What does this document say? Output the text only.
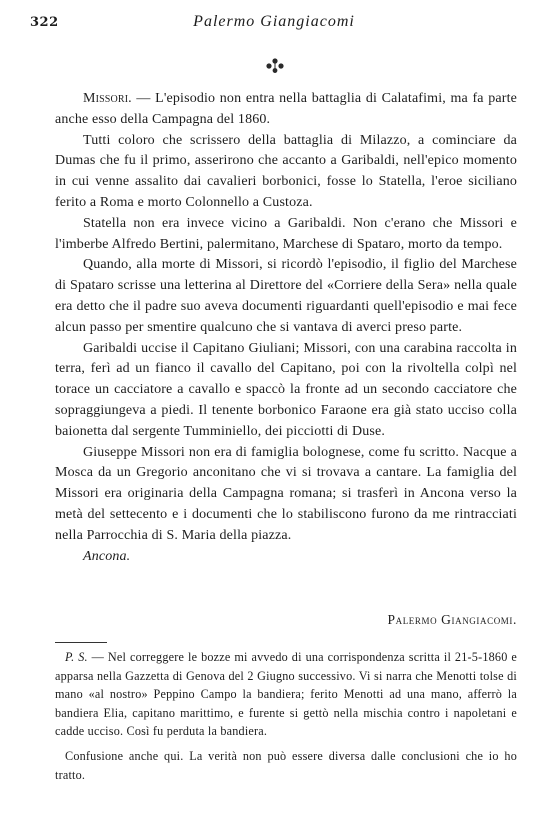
322	Palermo Giangiacomi

Missori. — L'episodio non entra nella battaglia di Calatafimi, ma fa parte anche esso della Campagna del 1860.

Tutti coloro che scrissero della battaglia di Milazzo, a cominciare da Dumas che fu il primo, asserirono che accanto a Garibaldi, nell'epico momento in cui venne assalito dai cavalieri borbonici, fosse lo Statella, l'eroe siciliano ferito a Roma e morto Colonnello a Custoza.

Statella non era invece vicino a Garibaldi. Non c'erano che Missori e l'imberbe Alfredo Bertini, palermitano, Marchese di Spataro, morto da tempo.

Quando, alla morte di Missori, si ricordò l'episodio, il figlio del Marchese di Spataro scrisse una letterina al Direttore del «Corriere della Sera» nella quale era detto che il padre suo aveva documenti riguardanti quell'episodio e mai fece alcun passo per smentire qualcuno che si vantava di averci preso parte.

Garibaldi uccise il Capitano Giuliani; Missori, con una carabina raccolta in terra, ferì ad un fianco il cavallo del Capitano, poi con la rivoltella colpì nel torace un cacciatore a cavallo e spaccò la fronte ad un secondo cacciatore che sopraggiungeva a piedi. Il tenente borbonico Faraone era già stato ucciso colla baionetta dal sergente Tumminiello, dei picciotti di Duse.

Giuseppe Missori non era di famiglia bolognese, come fu scritto. Nacque a Mosca da un Gregorio anconitano che vi si trovava a cantare. La famiglia del Missori era originaria della Campagna romana; si trasferì in Ancona verso la metà del settecento e i documenti che lo stabiliscono furono da me rintracciati nella Parrocchia di S. Maria della piazza.

Ancona.
Palermo Giangiacomi.

P. S. — Nel correggere le bozze mi avvedo di una corrispondenza scritta il 21-5-1860 e apparsa nella Gazzetta di Genova del 2 Giugno successivo. Vi si narra che Menotti tolse di mano «al nostro» Peppino Campo la bandiera; ferito Menotti ad una mano, afferrò la bandiera Elia, capitano marittimo, e furente si gettò nella mischia contro i napoletani e cadde ucciso. Così fu perduta la bandiera.

Confusione anche qui. La verità non può essere diversa dalle conclusioni che io ho tratto.
